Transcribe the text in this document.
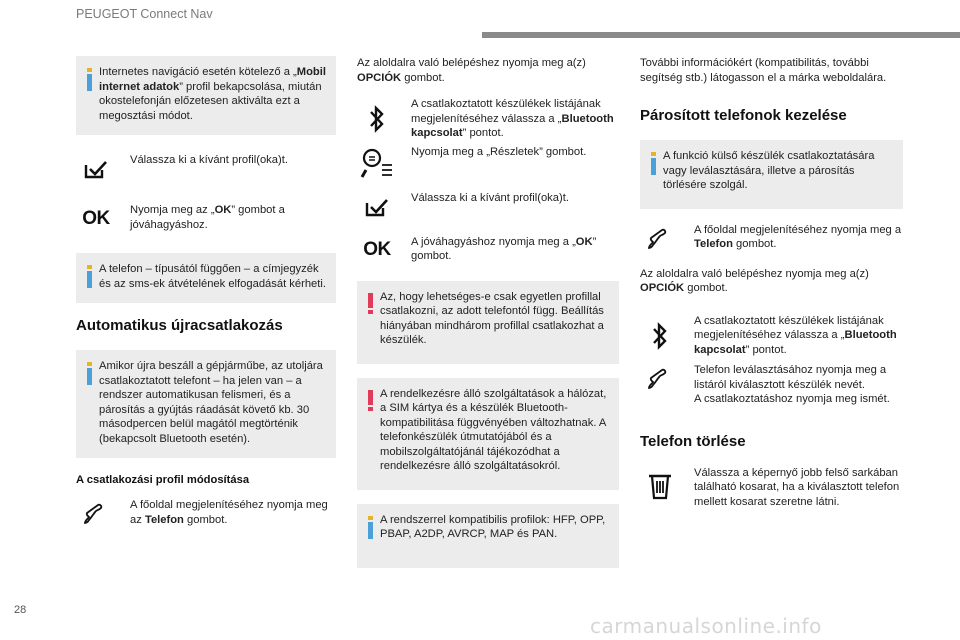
PEUGEOT Connect Nav
Internetes navigáció esetén kötelező a „Mobil internet adatok” profil bekapcsolása, miután okostelefonján előzetesen aktiválta ezt a megosztási módot.
Válassza ki a kívánt profil(oka)t.
OK Nyomja meg az „OK” gombot a jóváhagyáshoz.
A telefon – típusától függően – a címjegyzék és az sms-ek átvételének elfogadását kérheti.
Automatikus újracsatlakozás
Amikor újra beszáll a gépjárműbe, az utoljára csatlakoztatott telefont – ha jelen van – a rendszer automatikusan felismeri, és a párosítás a gyújtás ráadását követő kb. 30 másodpercen belül magától megtörténik (bekapcsolt Bluetooth esetén).
A csatlakozási profil módosítása
A főoldal megjelenítéséhez nyomja meg az Telefon gombot.
Az aloldalra való belépéshez nyomja meg a(z) OPCIÓK gombot.
A csatlakoztatott készülékek listájának megjelenítéséhez válassza a „Bluetooth kapcsolat” pontot.
Nyomja meg a „Részletek” gombot.
Válassza ki a kívánt profil(oka)t.
OK A jóváhagyáshoz nyomja meg a „OK” gombot.
Az, hogy lehetséges-e csak egyetlen profillal csatlakozni, az adott telefontól függ. Beállítás hiányában mindhárom profillal csatlakozhat a készülék.
A rendelkezésre álló szolgáltatások a hálózat, a SIM kártya és a készülék Bluetooth-kompatibilitása függvényében változhatnak. A telefonkészülék útmutatójából és a mobilszolgáltatójánál tájékozódhat a rendelkezésre álló szolgáltatásokról.
A rendszerrel kompatibilis profilok: HFP, OPP, PBAP, A2DP, AVRCP, MAP és PAN.
További információkért (kompatibilitás, további segítség stb.) látogasson el a márka weboldalára.
Párosított telefonok kezelése
A funkció külső készülék csatlakoztatására vagy leválasztására, illetve a párosítás törlésére szolgál.
A főoldal megjelenítéséhez nyomja meg a Telefon gombot.
Az aloldalra való belépéshez nyomja meg a(z) OPCIÓK gombot.
A csatlakoztatott készülékek listájának megjelenítéséhez válassza a „Bluetooth kapcsolat” pontot.
Telefon leválasztásához nyomja meg a listáról kiválasztott készülék nevét.
A csatlakoztatáshoz nyomja meg ismét.
Telefon törlése
Válassza a képernyő jobb felső sarkában található kosarat, ha a kiválasztott telefon mellett kosarat szeretne látni.
28
carmanualsonline.info
